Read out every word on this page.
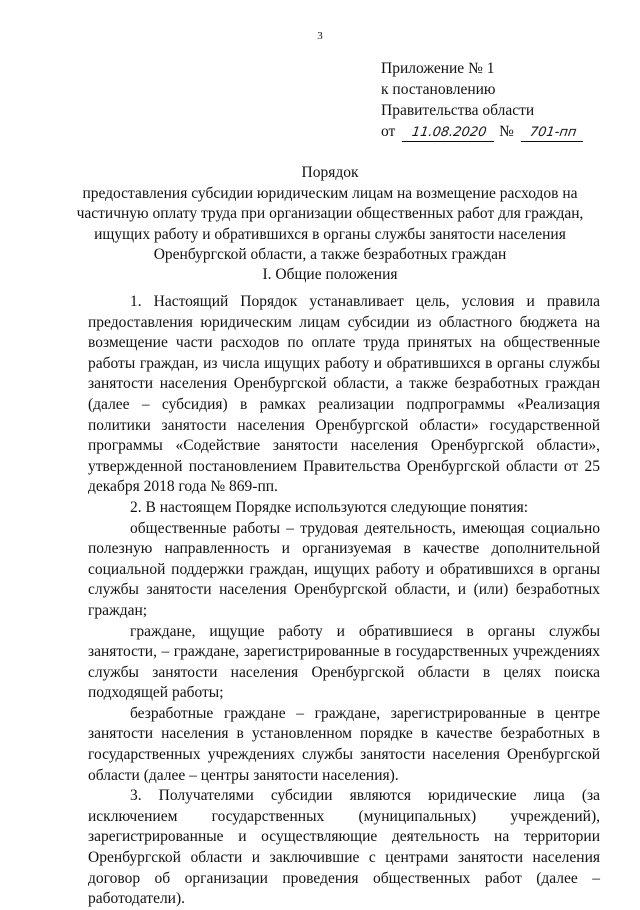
3
Приложение № 1
к постановлению
Правительства области
от 11.08.2020 № 701-пп
Порядок
предоставления субсидии юридическим лицам на возмещение расходов на
частичную оплату труда при организации общественных работ для граждан,
ищущих работу и обратившихся в органы службы занятости населения
Оренбургской области, а также безработных граждан
I. Общие положения

1. Настоящий Порядок устанавливает цель, условия и правила предоставления юридическим лицам субсидии из областного бюджета на возмещение части расходов по оплате труда принятых на общественные работы граждан, из числа ищущих работу и обратившихся в органы службы занятости населения Оренбургской области, а также безработных граждан (далее – субсидия) в рамках реализации подпрограммы «Реализация политики занятости населения Оренбургской области» государственной программы «Содействие занятости населения Оренбургской области», утвержденной постановлением Правительства Оренбургской области от 25 декабря 2018 года № 869-пп.

2. В настоящем Порядке используются следующие понятия:

общественные работы – трудовая деятельность, имеющая социально полезную направленность и организуемая в качестве дополнительной социальной поддержки граждан, ищущих работу и обратившихся в органы службы занятости населения Оренбургской области, и (или) безработных граждан;

граждане, ищущие работу и обратившиеся в органы службы занятости, – граждане, зарегистрированные в государственных учреждениях службы занятости населения Оренбургской области в целях поиска подходящей работы;

безработные граждане – граждане, зарегистрированные в центре занятости населения в установленном порядке в качестве безработных в государственных учреждениях службы занятости населения Оренбургской области (далее – центры занятости населения).

3. Получателями субсидии являются юридические лица (за исключением государственных (муниципальных) учреждений), зарегистрированные и осуществляющие деятельность на территории Оренбургской области и заключившие с центрами занятости населения договор об организации проведения общественных работ (далее – работодатели).
